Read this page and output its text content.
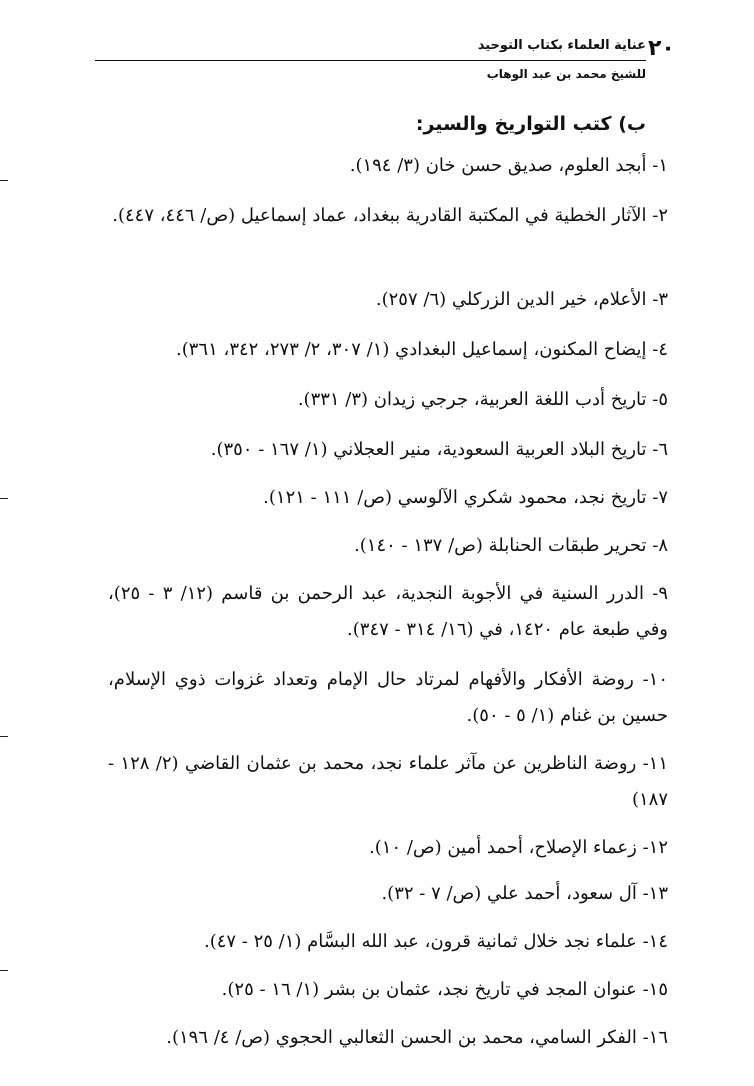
عناية العلماء بكتاب التوحيد
للشيخ محمد بن عبد الوهاب
٢٠
ب) كتب التواريخ والسير:
١- أبجد العلوم، صديق حسن خان (٣/ ١٩٤).
٢- الآثار الخطية في المكتبة القادرية ببغداد، عماد إسماعيل (ص/ ٤٤٦، ٤٤٧).
٣- الأعلام، خير الدين الزركلي (٦/ ٢٥٧).
٤- إيضاح المكنون، إسماعيل البغدادي (١/ ٣٠٧، ٢/ ٢٧٣، ٣٤٢، ٣٦١).
٥- تاريخ أدب اللغة العربية، جرجي زيدان (٣/ ٣٣١).
٦- تاريخ البلاد العربية السعودية، منير العجلاني (١/ ١٦٧ - ٣٥٠).
٧- تاريخ نجد، محمود شكري الآلوسي (ص/ ١١١ - ١٢١).
٨- تحرير طبقات الحنابلة (ص/ ١٣٧ - ١٤٠).
٩- الدرر السنية في الأجوبة النجدية، عبد الرحمن بن قاسم (١٢/ ٣ - ٢٥)، وفي طبعة عام ١٤٢٠، في (١٦/ ٣١٤ - ٣٤٧).
١٠- روضة الأفكار والأفهام لمرتاد حال الإمام وتعداد غزوات ذوي الإسلام، حسين بن غنام (١/ ٥ - ٥٠).
١١- روضة الناظرين عن مآثر علماء نجد، محمد بن عثمان القاضي (٢/ ١٢٨ - ١٨٧)
١٢- زعماء الإصلاح، أحمد أمين (ص/ ١٠).
١٣- آل سعود، أحمد علي (ص/ ٧ - ٣٢).
١٤- علماء نجد خلال ثمانية قرون، عبد الله البسَّام (١/ ٢٥ - ٤٧).
١٥- عنوان المجد في تاريخ نجد، عثمان بن بشر (١/ ١٦ - ٢٥).
١٦- الفكر السامي، محمد بن الحسن الثعالبي الحجوي (ص/ ٤/ ١٩٦).
